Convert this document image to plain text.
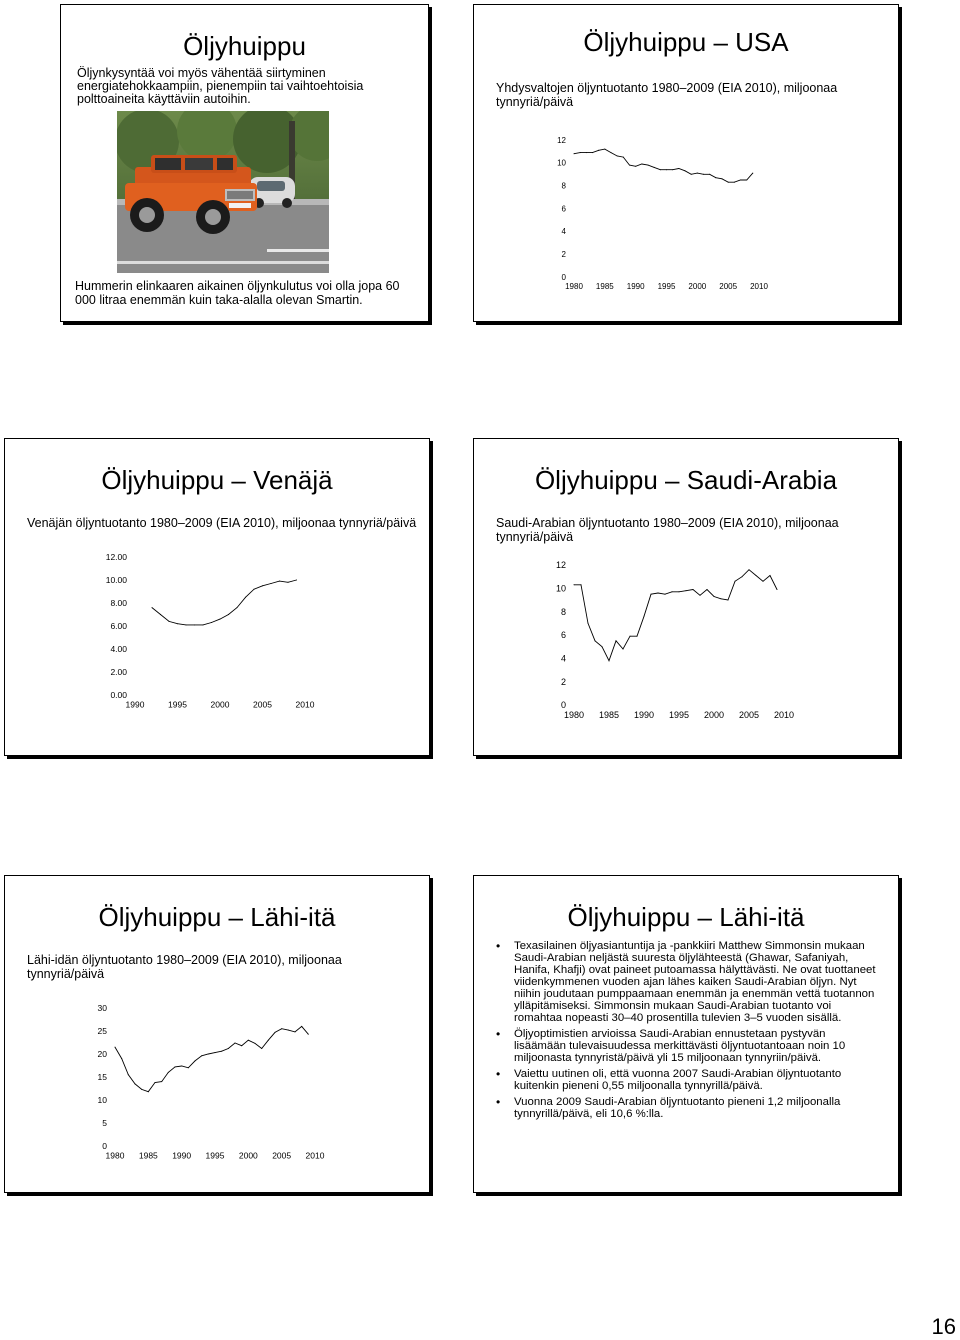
Öljyhuippu

Öljynkysyntää voi myös vähentää siirtyminen energiatehokkaampiin, pienempiin tai vaihtoehtoisia polttoaineita käyttäviin autoihin.

Hummerin elinkaaren aikainen öljynkulutus voi olla jopa 60 000 litraa enemmän kuin taka-alalla olevan Smartin.

Öljyhuippu – USA

Yhdysvaltojen öljyntuotanto 1980–2009 (EIA 2010), miljoonaa tynnyriä/päivä

0
2
4
6
8
10
12
1980 1985 1990 1995 2000 2005 2010
Öljyhuippu – Venäjä

Venäjän öljyntuotanto 1980–2009 (EIA 2010), miljoonaa tynnyriä/päivä

0.00
2.00
4.00
6.00
8.00
10.00
12.00
1990	1995	2000	2005	2010
Öljyhuippu – Saudi-Arabia

Saudi-Arabian öljyntuotanto 1980–2009 (EIA 2010), miljoonaa tynnyriä/päivä

0
2
4
6
8
10
12
1980 1985 1990 1995 2000 2005 2010
Öljyhuippu – Lähi-itä

Lähi-idän öljyntuotanto 1980–2009 (EIA 2010), miljoonaa tynnyriä/päivä

0
5
10
15
20
25
30
1980 1985 1990 1995 2000 2005 2010
Öljyhuippu – Lähi-itä
• Texasilainen öljyasiantuntija ja -pankkiiri Matthew Simmonsin mukaan Saudi-Arabian neljästä suuresta öljylähteestä (Ghawar, Safaniyah, Hanifa, Khafji) ovat paineet putoamassa hälyttävästi. Ne ovat tuottaneet viidenkymmenen vuoden ajan lähes kaiken Saudi-Arabian öljyn. Nyt niihin joudutaan pumppaamaan enemmän ja enemmän vettä tuotannon ylläpitämiseksi. Simmonsin mukaan Saudi-Arabian tuotanto voi romahtaa nopeasti 30–40 prosentilla tulevien 3–5 vuoden sisällä.
• Öljyoptimistien arvioissa Saudi-Arabian ennustetaan pystyvän lisäämään tulevaisuudessa merkittävästi öljyntuotantoaan noin 10 miljoonasta tynnyristä/päivä yli 15 miljoonaan tynnyriin/päivä.
• Vaiettu uutinen oli, että vuonna 2007 Saudi-Arabian öljyntuotanto kuitenkin pieneni 0,55 miljoonalla tynnyrillä/päivä.
• Vuonna 2009 Saudi-Arabian öljyntuotanto pieneni 1,2 miljoonalla tynnyrillä/päivä, eli 10,6 %:lla.
16
